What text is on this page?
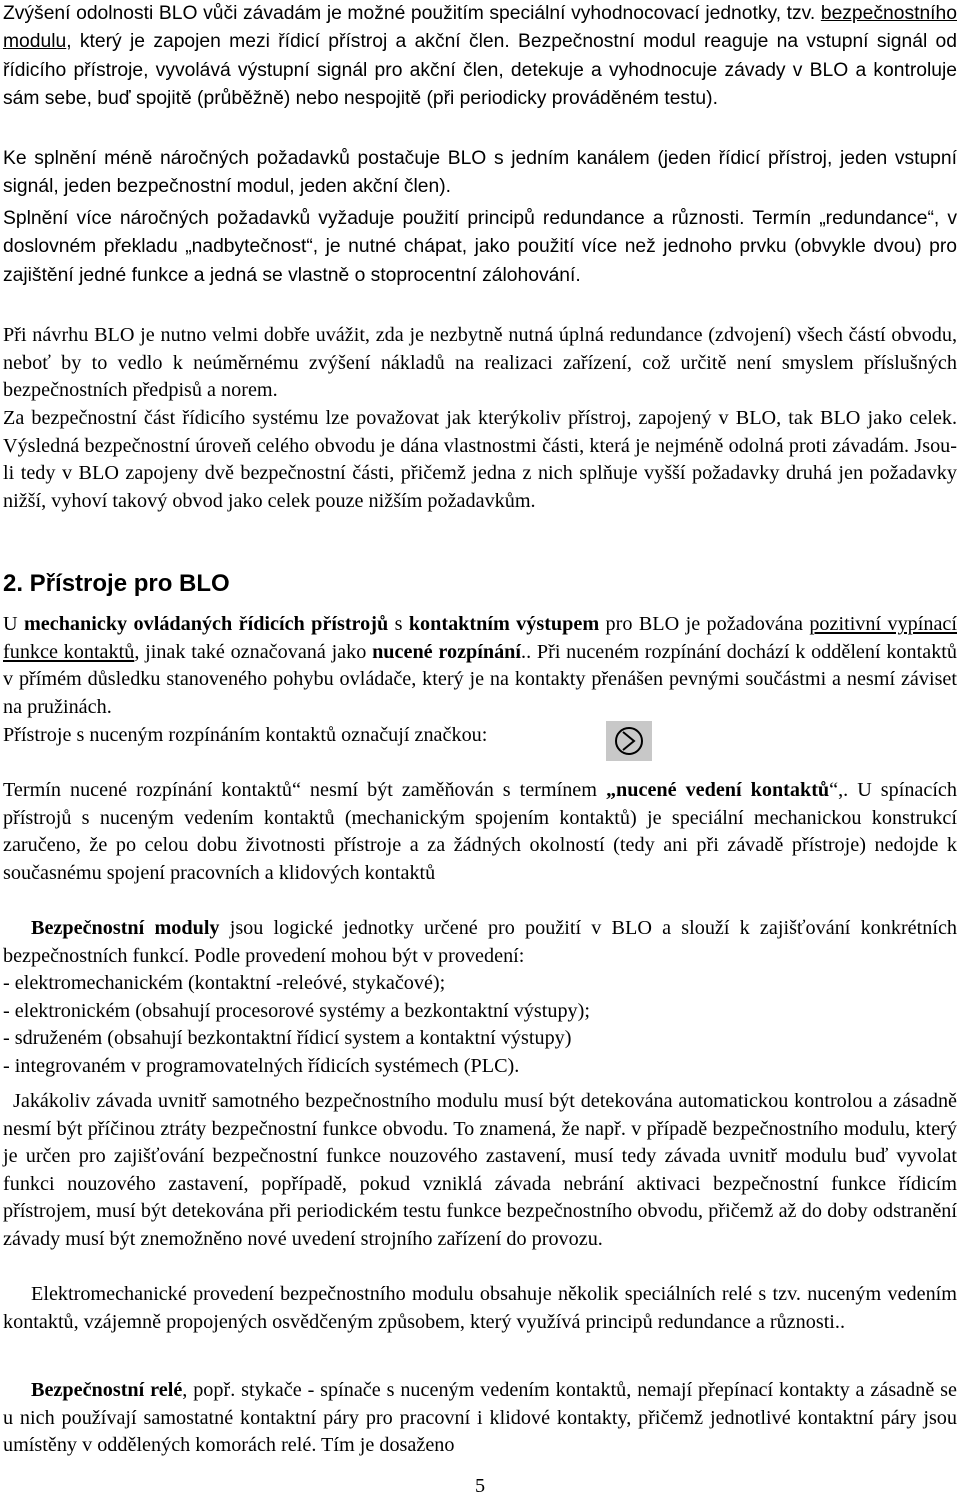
Zvýšení odolnosti BLO vůči závadám je možné použitím speciální vyhodnocovací jednotky, tzv. bezpečnostního modulu, který je zapojen mezi řídicí přístroj a akční člen. Bezpečnostní modul reaguje na vstupní signál od řídicího přístroje, vyvolává výstupní signál pro akční člen, detekuje a vyhodnocuje závady v BLO a kontroluje sám sebe, buď spojitě (průběžně) nebo nespojitě (při periodicky prováděném testu).

Ke splnění méně náročných požadavků postačuje BLO s jedním kanálem (jeden řídicí přístroj, jeden vstupní signál, jeden bezpečnostní modul, jeden akční člen).

Splnění více náročných požadavků vyžaduje použití principů redundance a různosti. Termín „redundance“, v doslovném překladu „nadbytečnost“, je nutné chápat, jako použití více než jednoho prvku (obvykle dvou) pro zajištění jedné funkce a jedná se vlastně o stoprocentní zálohování.

Při návrhu BLO je nutno velmi dobře uvážit, zda je nezbytně nutná úplná redundance (zdvojení) všech částí obvodu, neboť by to vedlo k neúměrnému zvýšení nákladů na realizaci zařízení, což určitě není smyslem příslušných bezpečnostních předpisů a norem.

Za bezpečnostní část řídicího systému lze považovat jak kterýkoliv přístroj, zapojený v BLO, tak BLO jako celek. Výsledná bezpečnostní úroveň celého obvodu je dána vlastnostmi části, která je nejméně odolná proti závadám. Jsou-li tedy v BLO zapojeny dvě bezpečnostní části, přičemž jedna z nich splňuje vyšší požadavky druhá jen požadavky nižší, vyhoví takový obvod jako celek pouze nižším požadavkům.

2. Přístroje pro BLO

U mechanicky ovládaných řídicích přístrojů s kontaktním výstupem pro BLO je požadována pozitivní vypínací funkce kontaktů, jinak také označovaná jako nucené rozpínání.. Při nuceném rozpínání dochází k oddělení kontaktů v přímém důsledku stanoveného pohybu ovládače, který je na kontakty přenášen pevnými součástmi a nesmí záviset na pružinách.

Přístroje s nuceným rozpínáním kontaktů označují značkou:

Termín nucené rozpínání kontaktů“ nesmí být zaměňován s termínem „nucené vedení kontaktů“,. U spínacích přístrojů s nuceným vedením kontaktů (mechanickým spojením kontaktů) je speciální mechanickou konstrukcí zaručeno, že po celou dobu životnosti přístroje a za žádných okolností (tedy ani při závadě přístroje) nedojde k současnému spojení pracovních a klidových kontaktů

Bezpečnostní moduly jsou logické jednotky určené pro použití v BLO a slouží k zajišťování konkrétních bezpečnostních funkcí. Podle provedení mohou být v provedení:

- elektromechanickém (kontaktní -releóvé, stykačové);
- elektronickém (obsahují procesorové systémy a bezkontaktní výstupy);
- sdruženém (obsahují bezkontaktní řídicí system a kontaktní výstupy)
- integrovaném v programovatelných řídicích systémech (PLC).

Jakákoliv závada uvnitř samotného bezpečnostního modulu musí být detekována automatickou kontrolou a zásadně nesmí být příčinou ztráty bezpečnostní funkce obvodu. To znamená, že např. v případě bezpečnostního modulu, který je určen pro zajišťování bezpečnostní funkce nouzového zastavení, musí tedy závada uvnitř modulu buď vyvolat funkci nouzového zastavení, popřípadě, pokud vzniklá závada nebrání aktivaci bezpečnostní funkce řídicím přístrojem, musí být detekována při periodickém testu funkce bezpečnostního obvodu, přičemž až do doby odstranění závady musí být znemožněno nové uvedení strojního zařízení do provozu.

Elektromechanické provedení bezpečnostního modulu obsahuje několik speciálních relé s tzv. nuceným vedením kontaktů, vzájemně propojených osvědčeným způsobem, který využívá principů redundance a různosti..

Bezpečnostní relé, popř. stykače - spínače s nuceným vedením kontaktů, nemají přepínací kontakty a zásadně se u nich používají samostatné kontaktní páry pro pracovní i klidové kontakty, přičemž jednotlivé kontaktní páry jsou umístěny v oddělených komorách relé. Tím je dosaženo

5
